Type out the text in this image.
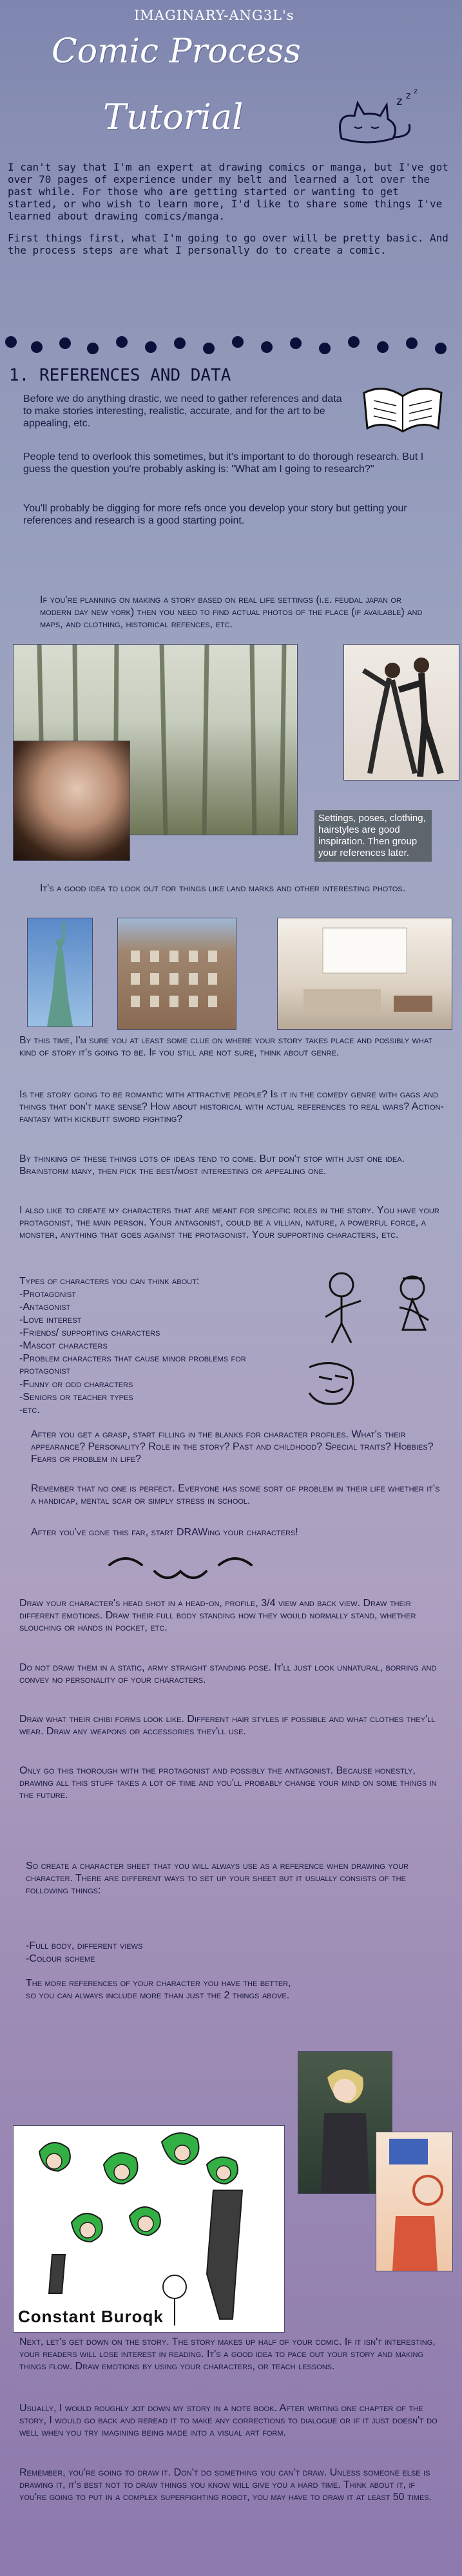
IMAGINARY-ANG3L's
Comic Process
Tutorial	z z z
I can't say that I'm an expert at drawing comics or manga, but I've got over 70 pages of experience under my belt and learned a lot over the past while. For those who are getting started or wanting to get started, or who wish to learn more, I'd like to share some things I've learned about drawing comics/manga.
First things first, what I'm going to go over will be pretty basic. And the process steps are what I personally do to create a comic.
1. REFERENCES AND DATA
Before we do anything drastic, we need to gather references and data to make stories interesting, realistic, accurate, and for the art to be appealing, etc.
People tend to overlook this sometimes, but it's important to do thorough research. But I guess the question you're probably asking is: "What am I going to research?"
You'll probably be digging for more refs once you develop your story but getting your references and research is a good starting point.
If you're planning on making a story based on real life settings (i.e. feudal japan or modern day new york) then you need to find actual photos of the place (if available) and maps, and clothing, historical refences, etc.
Settings, poses, clothing, hairstyles are good inspiration. Then group your references later.
It's a good idea to look out for things like land marks and other interesting photos.
By this time, I'm sure you at least some clue on where your story takes place and possibly what kind of story it's going to be. If you still are not sure, think about genre.
Is the story going to be romantic with attractive people? Is it in the comedy genre with gags and things that don't make sense? How about historical with actual references to real wars? Action-fantasy with kickbutt sword fighting?
By thinking of these things lots of ideas tend to come. But don't stop with just one idea. Brainstorm many, then pick the best/most interesting or appealing one.
I also like to create my characters that are meant for specific roles in the story. You have your protagonist, the main person. Your antagonist, could be a villian, nature, a powerful force, a monster, anything that goes against the protagonist. Your supporting characters, etc.
Types of characters you can think about:
-Protagonist
-Antagonist
-Love interest
-Friends/ supporting characters
-Mascot characters
-Problem characters that cause minor problems for protagonist
-Funny or odd characters
-Seniors or teacher types
-etc.
After you get a grasp, start filling in the blanks for character profiles. What's their appearance? Personality? Role in the story? Past and childhood? Special traits? Hobbies? Fears or problem in life?
Remember that no one is perfect. Everyone has some sort of problem in their life whether it's a handicap, mental scar or simply stress in school.
After you've gone this far, start DRAWing your characters!
Draw your character's head shot in a head-on, profile, 3/4 view and back view. Draw their different emotions. Draw their full body standing how they would normally stand, whether slouching or hands in pocket, etc.
Do not draw them in a static, army straight standing pose. It'll just look unnatural, borring and convey no personality of your characters.
Draw what their chibi forms look like. Different hair styles if possible and what clothes they'll wear. Draw any weapons or accessories they'll use.
Only go this thorough with the protagonist and possibly the antagonist. Because honestly, drawing all this stuff takes a lot of time and you'll probably change your mind on some things in the future.
So create a character sheet that you will always use as a reference when drawing your character. There are different ways to set up your sheet but it usually consists of the following things:
-Full body, different views
-Colour scheme
The more references of your character you have the better, so you can always include more than just the 2 things above.
Constant Buroqk
Next, let's get down on the story. The story makes up half of your comic. If it isn't interesting, your readers will lose interest in reading. It's a good idea to pace out your story and making things flow. Draw emotions by using your characters, or teach lessons.
Usually, I would roughly jot down my story in a note book. After writing one chapter of the story, I would go back and reread it to make any corrections to dialogue or if it just doesn't do well when you try imagining being made into a visual art form.
Remember, you're going to draw it. Don't do something you can't draw. Unless someone else is drawing it, it's best not to draw things you know will give you a hard time. Think about it, if you're going to put in a complex superfighting robot, you may have to draw it at least 50 times.
